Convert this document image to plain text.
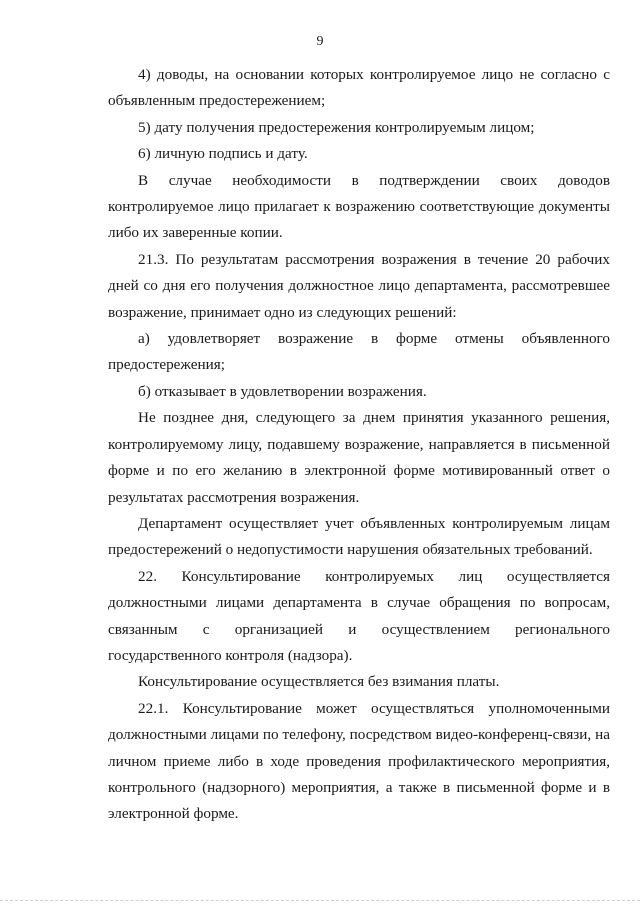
9

4) доводы, на основании которых контролируемое лицо не согласно с объявленным предостережением;

5) дату получения предостережения контролируемым лицом;

6) личную подпись и дату.

В случае необходимости в подтверждении своих доводов контролируемое лицо прилагает к возражению соответствующие документы либо их заверенные копии.

21.3. По результатам рассмотрения возражения в течение 20 рабочих дней со дня его получения должностное лицо департамента, рассмотревшее возражение, принимает одно из следующих решений:

а) удовлетворяет возражение в форме отмены объявленного предостережения;

б) отказывает в удовлетворении возражения.

Не позднее дня, следующего за днем принятия указанного решения, контролируемому лицу, подавшему возражение, направляется в письменной форме и по его желанию в электронной форме мотивированный ответ о результатах рассмотрения возражения.

Департамент осуществляет учет объявленных контролируемым лицам предостережений о недопустимости нарушения обязательных требований.

22. Консультирование контролируемых лиц осуществляется должностными лицами департамента в случае обращения по вопросам, связанным с организацией и осуществлением регионального государственного контроля (надзора).

Консультирование осуществляется без взимания платы.

22.1. Консультирование может осуществляться уполномоченными должностными лицами по телефону, посредством видео-конференц-связи, на личном приеме либо в ходе проведения профилактического мероприятия, контрольного (надзорного) мероприятия, а также в письменной форме и в электронной форме.
